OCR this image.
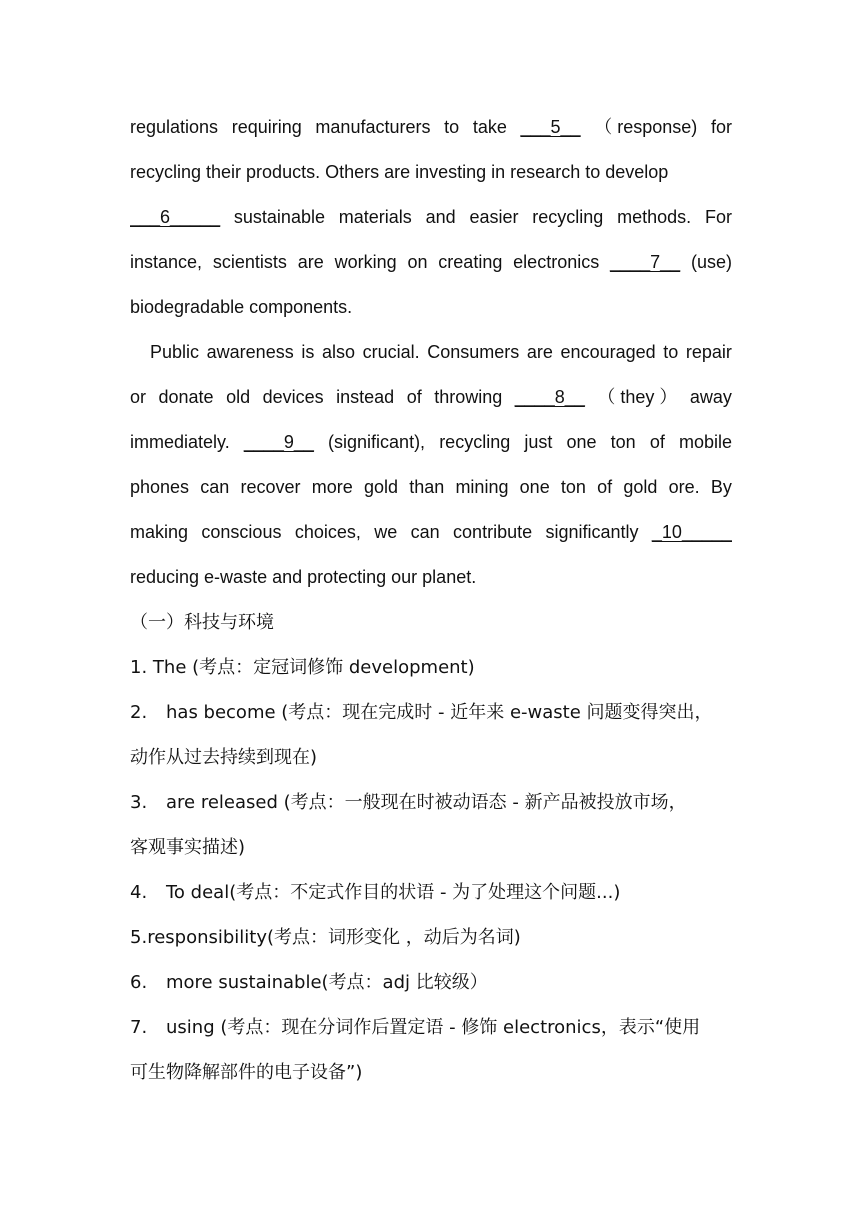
regulations requiring manufacturers to take ___5__ （ response) for
recycling their products. Others are investing in research to develop
___6_____ sustainable materials and easier recycling methods. For
instance, scientists are working on creating electronics ____7__ (use)
biodegradable components.
Public awareness is also crucial. Consumers are encouraged to repair
or donate old devices instead of throwing ____8__ （ they ） away
immediately. ____9__ (significant), recycling just one ton of mobile
phones can recover more gold than mining one ton of gold ore. By
making conscious choices, we can contribute significantly _10_____
reducing e-waste and protecting our planet.
（一）科技与环境
1. The (考点：定冠词修饰 development)
2. has become (考点：现在完成时 - 近年来 e-waste 问题变得突出，
动作从过去持续到现在)
3. are released (考点：一般现在时被动语态 - 新产品被投放市场，
客观事实描述)
4. To deal(考点：不定式作目的状语 - 为了处理这个问题...)
5.responsibility(考点：词形变化 ，动后为名词)
6. more sustainable(考点：adj 比较级）
7. using (考点：现在分词作后置定语 - 修饰 electronics，表示“使用
可生物降解部件的电子设备”)
